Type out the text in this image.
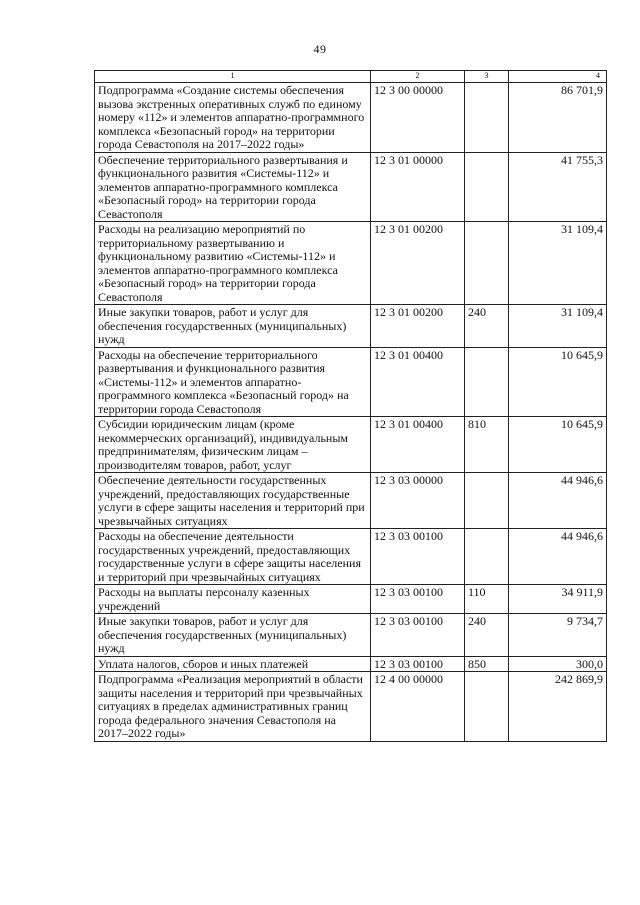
49
1	2	3	4
Подпрограмма «Создание системы обеспечения вызова экстренных оперативных служб по единому номеру «112» и элементов аппаратно-программного комплекса «Безопасный город» на территории города Севастополя на 2017–2022 годы»	12 3 00 00000		86 701,9
Обеспечение территориального развертывания и функционального развития «Системы-112» и элементов аппаратно-программного комплекса «Безопасный город» на территории города Севастополя	12 3 01 00000		41 755,3
Расходы на реализацию мероприятий по территориальному развертыванию и функциональному развитию «Системы-112» и элементов аппаратно-программного комплекса «Безопасный город» на территории города Севастополя	12 3 01 00200		31 109,4
Иные закупки товаров, работ и услуг для обеспечения государственных (муниципальных) нужд	12 3 01 00200	240	31 109,4
Расходы на обеспечение территориального развертывания и функционального развития «Системы-112» и элементов аппаратно-программного комплекса «Безопасный город» на территории города Севастополя	12 3 01 00400		10 645,9
Субсидии юридическим лицам (кроме некоммерческих организаций), индивидуальным предпринимателям, физическим лицам – производителям товаров, работ, услуг	12 3 01 00400	810	10 645,9
Обеспечение деятельности государственных учреждений, предоставляющих государственные услуги в сфере защиты населения и территорий при чрезвычайных ситуациях	12 3 03 00000		44 946,6
Расходы на обеспечение деятельности государственных учреждений, предоставляющих государственные услуги в сфере защиты населения и территорий при чрезвычайных ситуациях	12 3 03 00100		44 946,6
Расходы на выплаты персоналу казенных учреждений	12 3 03 00100	110	34 911,9
Иные закупки товаров, работ и услуг для обеспечения государственных (муниципальных) нужд	12 3 03 00100	240	9 734,7
Уплата налогов, сборов и иных платежей	12 3 03 00100	850	300,0
Подпрограмма «Реализация мероприятий в области защиты населения и территорий при чрезвычайных ситуациях в пределах административных границ города федерального значения Севастополя на 2017–2022 годы»	12 4 00 00000		242 869,9
